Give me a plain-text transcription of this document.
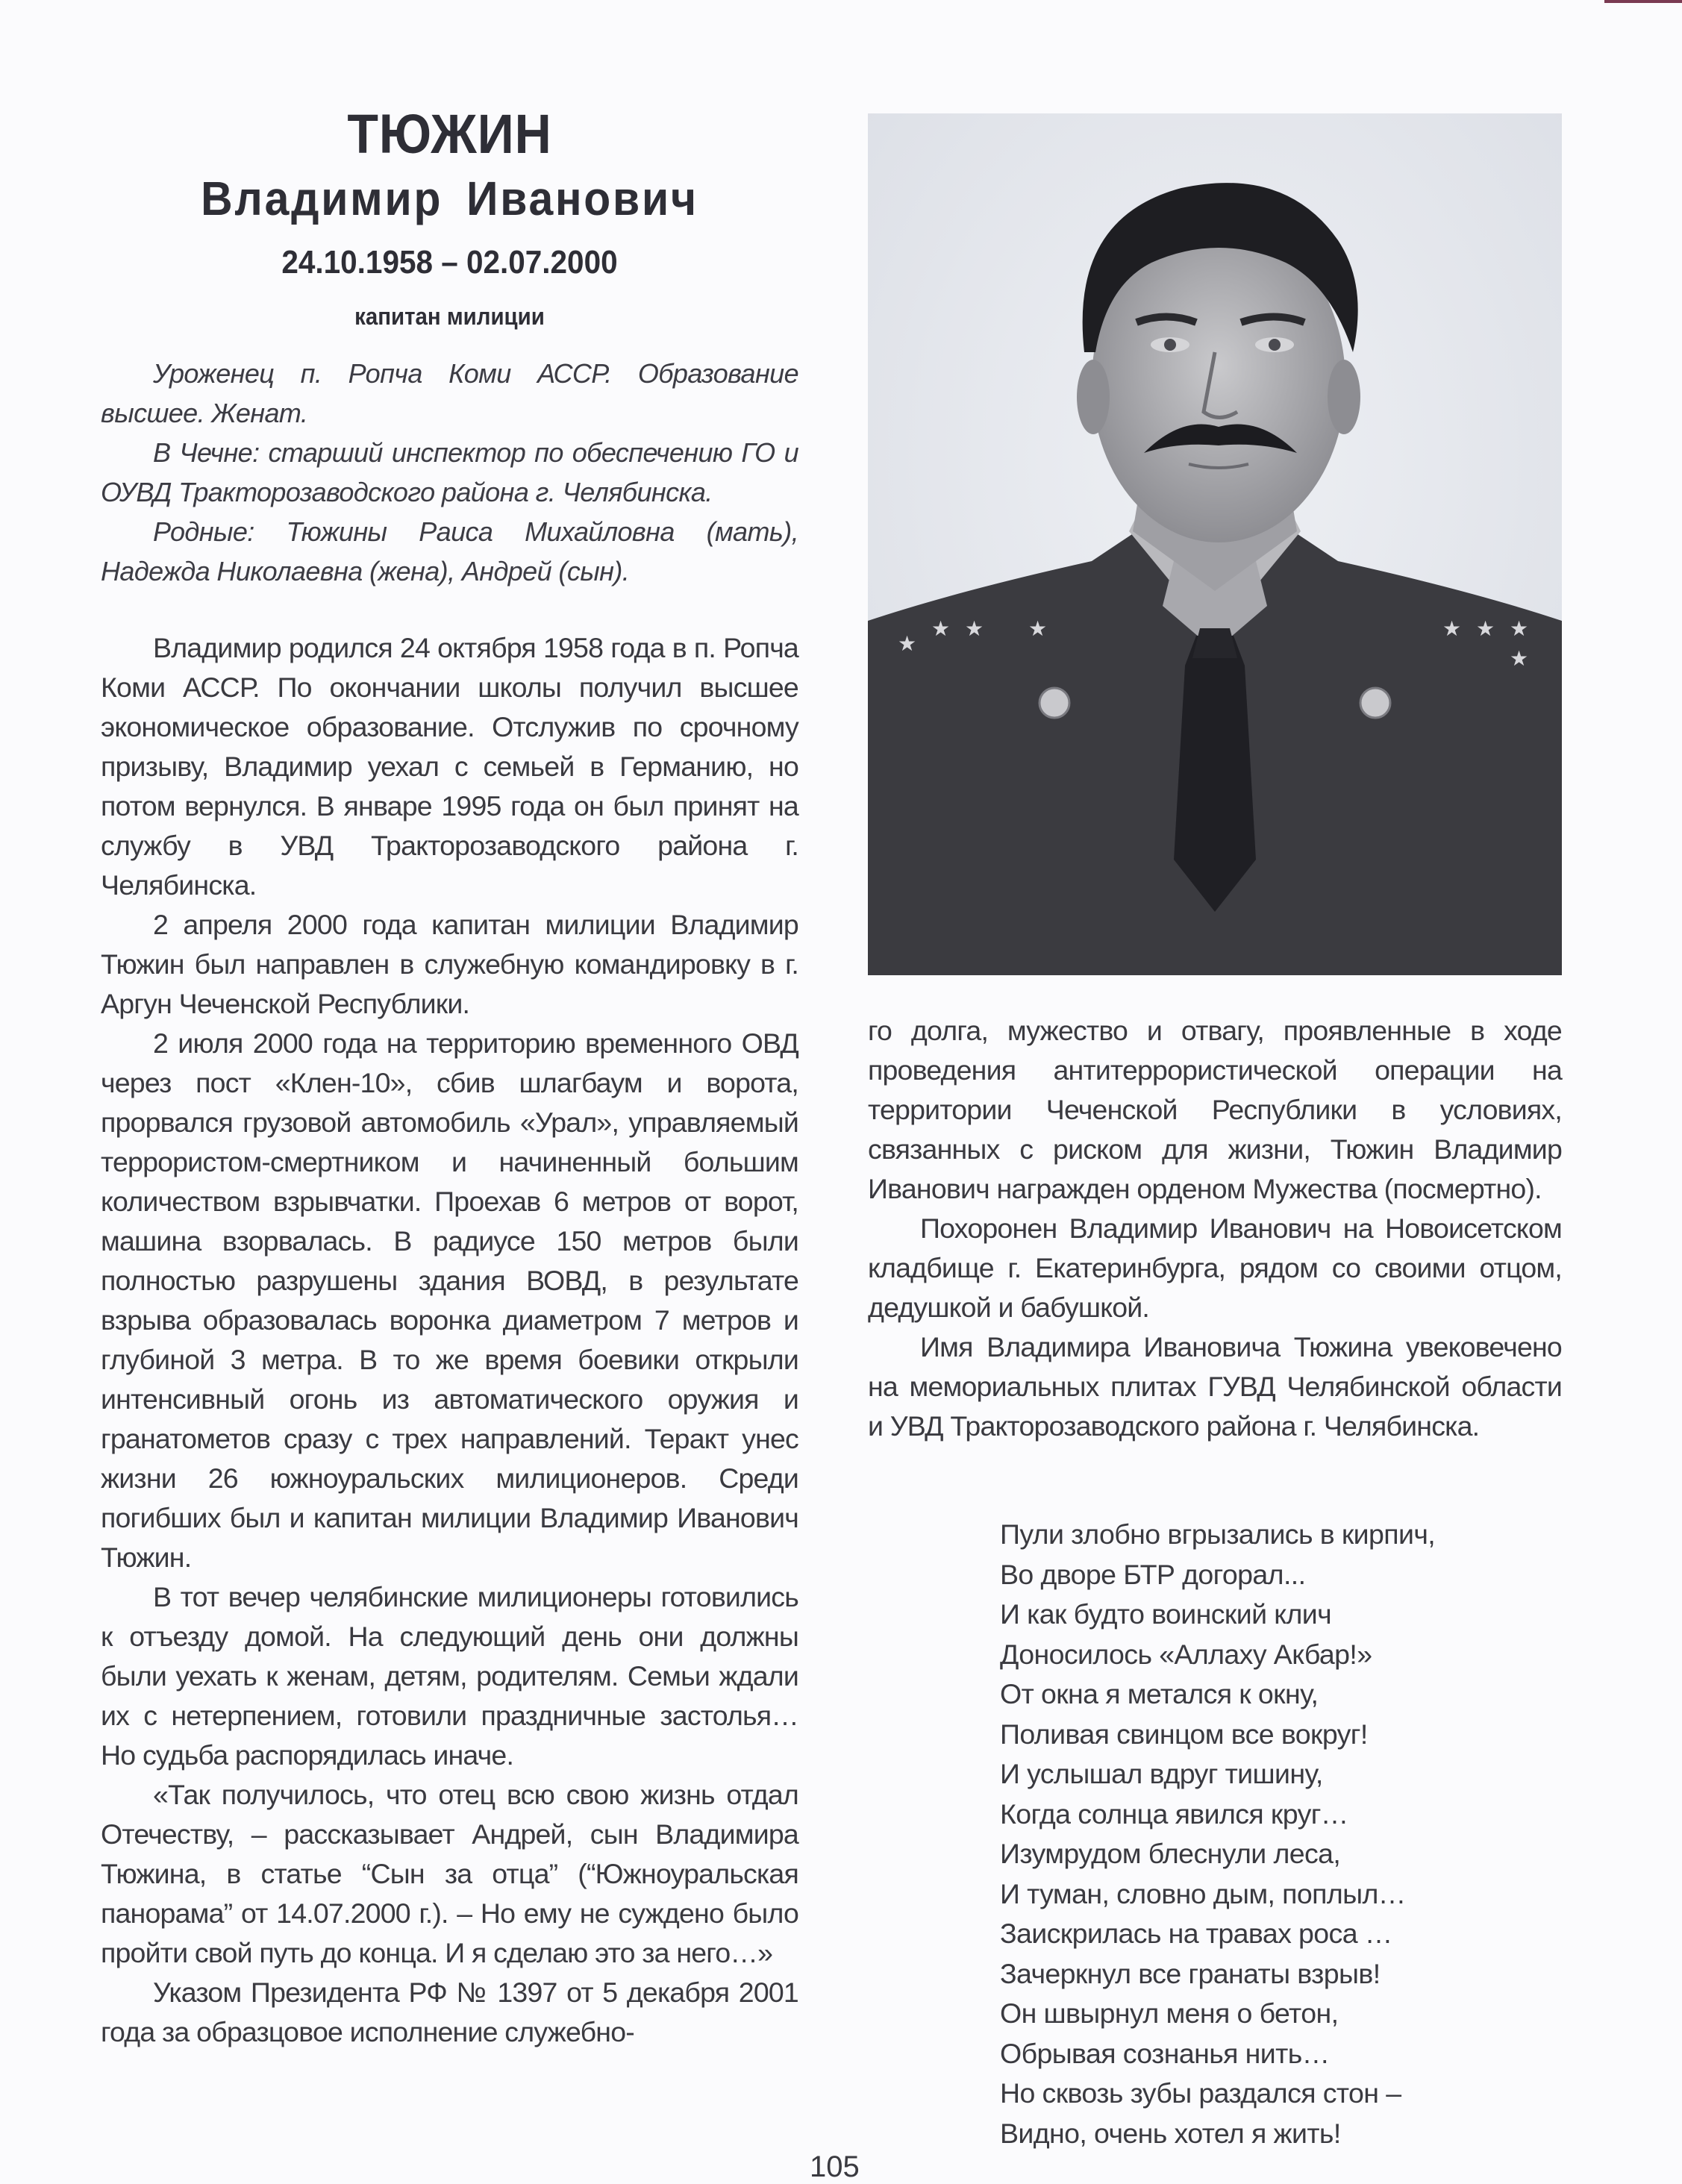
ТЮЖИН
Владимир Иванович
24.10.1958 – 02.07.2000
капитан милиции

Уроженец п. Ропча Коми АССР. Образование высшее. Женат.

В Чечне: старший инспектор по обеспечению ГО и ОУВД Тракторозаводского района г. Челябинска.

Родные: Тюжины Раиса Михайловна (мать), Надежда Николаевна (жена), Андрей (сын).

Владимир родился 24 октября 1958 года в п. Ропча Коми АССР. По окончании школы получил высшее экономическое образование. Отслужив по срочному призыву, Владимир уехал с семьей в Германию, но потом вернулся. В январе 1995 года он был принят на службу в УВД Тракторозаводского района г. Челябинска.

2 апреля 2000 года капитан милиции Владимир Тюжин был направлен в служебную командировку в г. Аргун Чеченской Республики.

2 июля 2000 года на территорию временного ОВД через пост «Клен-10», сбив шлагбаум и ворота, прорвался грузовой автомобиль «Урал», управляемый террористом-смертником и начиненный большим количеством взрывчатки. Проехав 6 метров от ворот, машина взорвалась. В радиусе 150 метров были полностью разрушены здания ВОВД, в результате взрыва образовалась воронка диаметром 7 метров и глубиной 3 метра. В то же время боевики открыли интенсивный огонь из автоматического оружия и гранатометов сразу с трех направлений. Теракт унес жизни 26 южноуральских милиционеров. Среди погибших был и капитан милиции Владимир Иванович Тюжин.

В тот вечер челябинские милиционеры готовились к отъезду домой. На следующий день они должны были уехать к женам, детям, родителям. Семьи ждали их с нетерпением, готовили праздничные застолья… Но судьба распорядилась иначе.

«Так получилось, что отец всю свою жизнь отдал Отечеству, – рассказывает Андрей, сын Владимира Тюжина, в статье “Сын за отца” (“Южноуральская панорама” от 14.07.2000 г.). – Но ему не суждено было пройти свой путь до конца. И я сделаю это за него…»

Указом Президента РФ № 1397 от 5 декабря 2001 года за образцовое исполнение служебно-

★
★ ★ ★	★ ★ ★
★

го долга, мужество и отвагу, проявленные в ходе проведения антитеррористической операции на территории Чеченской Республики в условиях, связанных с риском для жизни, Тюжин Владимир Иванович награжден орденом Мужества (посмертно).

Похоронен Владимир Иванович на Новоисетском кладбище г. Екатеринбурга, рядом со своими отцом, дедушкой и бабушкой.

Имя Владимира Ивановича Тюжина увековечено на мемориальных плитах ГУВД Челябинской области и УВД Тракторозаводского района г. Челябинска.

Пули злобно вгрызались в кирпич,
Во дворе БТР догорал...
И как будто воинский клич
Доносилось «Аллаху Акбар!»
От окна я метался к окну,
Поливая свинцом все вокруг!
И услышал вдруг тишину,
Когда солнца явился круг…
Изумрудом блеснули леса,
И туман, словно дым, поплыл…
Заискрилась на травах роса …
Зачеркнул все гранаты взрыв!
Он швырнул меня о бетон,
Обрывая сознанья нить…
Но сквозь зубы раздался стон –
Видно, очень хотел я жить!
105
